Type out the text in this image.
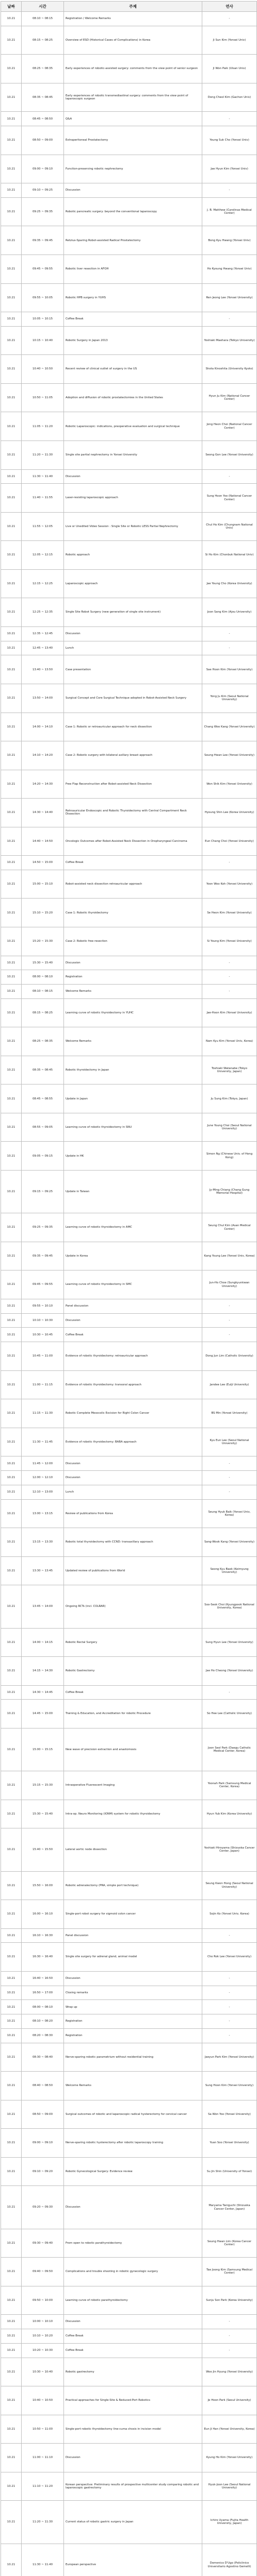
날짜	시간	주제	연사
10.21	08:10 ~ 08:15	Registration / Welcome Remarks	-
10.21	08:15 ~ 08:25	Overview of ESD (Historical Cases of Complications) in Korea	Ji Sun Kim (Yonsei Univ)
10.21	08:25 ~ 08:35	Early experiences of robotic-assisted surgery: comments from the view point of senior surgeon	Ji Won Paik (Ulsan Univ)
10.21	08:35 ~ 08:45	Early experiences of robotic transmediastinal surgery: comments from the view point of laparoscopic surgeon	Dong Cheol Kim (Gachon Univ)
10.21	08:45 ~ 08:50	Q&A	-
10.21	08:50 ~ 09:00	Extraperitoneal Prostatectomy	Young Suk Cho (Yonsei Univ)
10.21	09:00 ~ 09:10	Function-preserving robotic nephrectomy	Jae Hyun Kim (Yonsei Univ)
10.21	09:10 ~ 09:25	Discussion	-
10.21	09:25 ~ 09:35	Robotic pancreatic surgery: beyond the conventional laparoscopy	J. B. Matthew (Carolinas Medical Center)
10.21	09:35 ~ 09:45	Retzius-Sparing Robot-assisted Radical Prostatectomy	Bong Kyu Hwang (Yonsei Univ)
10.21	09:45 ~ 09:55	Robotic liver resection in AFOH	Ho Kyoung Hwang (Yonsei Univ)
10.21	09:55 ~ 10:05	Robotic HPB surgery in YUHS	Ren Jeong Lee (Yonsei University)
10.21	10:05 ~ 10:15	Coffee Break	-
10.21	10:15 ~ 10:40	Robotic Surgery in Japan 2013	Yoshiaki Maehara (Teikyo University)
10.21	10:40 ~ 10:50	Recent review of clinical outlet of surgery in the US	Shota Kinoshita (University Kyoto)
10.21	10:50 ~ 11:05	Adoption and diffusion of robotic prostatectomies in the United States	Hyun Ju Kim (National Cancer Center)
10.21	11:05 ~ 11:20	Robotic Laparoscopic: indications, preoperative evaluation and surgical technique	Jong Heon Choi (National Cancer Center)
10.21	11:20 ~ 11:30	Single site partial nephrectomy in Yonsei University	Seong Gon Lee (Yonsei University)
10.21	11:30 ~ 11:40	Discussion	-
10.21	11:40 ~ 11:55	Laser-resisting laparoscopic approach	Sung Hoon Yoo (National Cancer Center)
10.21	11:55 ~ 12:05	Live or Unedited Video Session : Single Site or Robotic LESS Partial Nephrectomy	Chul Ho Kim (Chungnam National Univ)
10.21	12:05 ~ 12:15	Robotic approach	Si Ho Kim (Chonbuk National Univ)
10.21	12:15 ~ 12:25	Laparoscopic approach	Jae Young Cho (Korea University)
10.21	12:25 ~ 12:35	Single Site Robot Surgery (new generation of single site instrument)	Joon Sang Kim (Ajou University)
10.21	12:35 ~ 12:45	Discussion	-
10.21	12:45 ~ 13:40	Lunch	-
10.21	13:40 ~ 13:50	Case presentation	Sae Hoon Kim (Yonsei University)
10.21	13:50 ~ 14:00	Surgical Concept and Core Surgical Technique adopted in Robot-Assisted Neck Surgery	Yong Ju Kim (Seoul National University)
10.21	14:00 ~ 14:10	Case 1: Robotic or retroauricular approach for neck dissection	Chang Woo Kang (Yonsei University)
10.21	14:10 ~ 14:20	Case 2: Robotic surgery with bilateral axillary breast approach	Seung Hwan Lee (Yonsei University)
10.21	14:20 ~ 14:30	Free Flap Reconstruction after Robot-assisted Neck Dissection	Won Shik Kim (Yonsei University)
10.21	14:30 ~ 14:40	Retroauricular Endoscopic and Robotic Thyroidectomy with Central Compartment Neck Dissection	Hyoung Shin Lee (Korea University)
10.21	14:40 ~ 14:50	Oncologic Outcomes after Robot-Assisted Neck Dissection in Oropharyngeal Carcinoma	Eun Chang Choi (Yonsei University)
10.21	14:50 ~ 15:00	Coffee Break	-
10.21	15:00 ~ 15:10	Robot-assisted neck dissection retroauricular approach	Yoon Woo Koh (Yonsei University)
10.21	15:10 ~ 15:20	Case 1: Robotic thyroidectomy	Se Heon Kim (Yonsei University)
10.21	15:20 ~ 15:30	Case 2: Robotic free resection	Si Young Kim (Yonsei University)
10.21	15:30 ~ 15:40	Discussion	-
10.21	08:00 ~ 08:10	Registration	-
10.21	08:10 ~ 08:15	Welcome Remarks	-
10.21	08:15 ~ 08:25	Learning curve of robotic thyroidectomy in YUHC	Jae-Hoon Kim (Yonsei University)
10.21	08:25 ~ 08:35	Welcome Remarks	Nam Kyu Kim (Yonsei Univ, Korea)
10.21	08:35 ~ 08:45	Robotic thyroidectomy in Japan	Toshiaki Watanabe (Tokyo University, Japan)
10.21	08:45 ~ 08:55	Update in Japan	Ju Sung Kim (Tokyo, Japan)
10.21	08:55 ~ 09:05	Learning curve of robotic thyroidectomy in SNU	June Young Choi (Seoul National University)
10.21	09:05 ~ 09:15	Update in HK	Simon Ng (Chinese Univ. of Hong Kong)
10.21	09:15 ~ 09:25	Update in Taiwan	Jy-Ming Chiang (Chang Gung Memorial Hospital)
10.21	09:25 ~ 09:35	Learning curve of robotic thyroidectomy in AMC	Seung Chul Kim (Asan Medical Center)
10.21	09:35 ~ 09:45	Update in Korea	Kang Young Lee (Yonsei Univ, Korea)
10.21	09:45 ~ 09:55	Learning curve of robotic thyroidectomy in SMC	Jun-Ho Choe (Sungkyunkwan University)
10.21	09:55 ~ 10:10	Panel discussion	-
10.21	10:10 ~ 10:30	Discussion	-
10.21	10:30 ~ 10:45	Coffee Break	-
10.21	10:45 ~ 11:00	Evidence of robotic thyroidectomy: retroauricular approach	Dong Jun Lim (Catholic University)
10.21	11:00 ~ 11:15	Evidence of robotic thyroidectomy: transoral approach	Jandee Lee (Eulji University)
10.21	11:15 ~ 11:30	Robotic Complete Mesocolic Excision for Right Colon Cancer	BS Min (Yonsei University)
10.21	11:30 ~ 11:45	Evidence of robotic thyroidectomy: BABA approach	Kyu Eun Lee (Seoul National University)
10.21	11:45 ~ 12:00	Discussion	-
10.21	12:00 ~ 12:10	Discussion	-
10.21	12:10 ~ 13:00	Lunch	-
10.21	13:00 ~ 13:15	Review of publications from Korea	Seung Hyuk Baik (Yonsei Univ, Korea)
10.21	13:15 ~ 13:30	Robotic total thyroidectomy with CCND: transaxillary approach	Sang-Wook Kang (Yonsei University)
10.21	13:30 ~ 13:45	Updated review of publications from World	Seong Kyu Baek (Keimyung University)
10.21	13:45 ~ 14:00	Ongoing RCTs (incl. COLRAR)	Soo-Seok Choi (Kyungpook National University, Korea)
10.21	14:00 ~ 14:15	Robotic Rectal Surgery	Sung Hyun Lee (Yonsei University)
10.21	14:15 ~ 14:30	Robotic Gastrectomy	Jae Ho Cheong (Yonsei University)
10.21	14:30 ~ 14:45	Coffee Break	-
10.21	14:45 ~ 15:00	Training & Education, and Accreditation for robotic Procedure	So Hee Lee (Catholic University)
10.21	15:00 ~ 15:15	New wave of precision extraction and anastomosis	Joon Seol Park (Daegu Catholic Medical Center, Korea)
10.21	15:15 ~ 15:30	Intraoperative Fluorescent Imaging	Yoonah Park (Samsung Medical Center, Korea)
10.21	15:30 ~ 15:40	Intra-op. Neuro Monitoring (IONM) system for robotic thyroidectomy	Hyun Yub Kim (Korea University)
10.21	15:40 ~ 15:50	Lateral aortic node dissection	Yoshiaki Hiroyama (Shizuoka Cancer Center, Japan)
10.21	15:50 ~ 16:00	Robotic adrenalectomy (PRA, simple port technique)	Seung Kwon Hong (Seoul National University)
10.21	16:00 ~ 16:10	Single-port robot surgery for sigmoid colon cancer	Sojin Ko (Yonsei Univ, Korea)
10.21	16:10 ~ 16:30	Panel discussion	-
10.21	16:30 ~ 16:40	Single site surgery for adrenal gland, animal model	Cho Rok Lee (Yonsei University)
10.21	16:40 ~ 16:50	Discussion	-
10.21	16:50 ~ 17:00	Closing remarks	-
10.21	08:00 ~ 08:10	Wrap up	-
10.21	08:10 ~ 08:20	Registration	-
10.21	08:20 ~ 08:30	Registration	-
10.21	08:30 ~ 08:40	Nerve-sparing robotic parametrium without residential training	Jaeyun Park Kim (Yonsei University)
10.21	08:40 ~ 08:50	Welcome Remarks	Sung Hoon Kim (Yonsei University)
10.21	08:50 ~ 09:00	Surgical outcomes of robotic and laparoscopic radical hysterectomy for cervical cancer	Sa Won Yoo (Yonsei University)
10.21	09:00 ~ 09:10	Nerve-sparing robotic hysterectomy after robotic laparoscopy training	Yuan Soo (Yonsei University)
10.21	09:10 ~ 09:20	Robotic Gynecological Surgery: Evidence review	Su Jin Shin (University of Yonsei)
10.21	09:20 ~ 09:30	Discussion	Maryama Taniguchi (Shizuoka Cancer Center, Japan)
10.21	09:30 ~ 09:40	From open to robotic parathyroidectomy	Seung Hwan Lim (Korea Cancer Center)
10.21	09:40 ~ 09:50	Complications and trouble shooting in robotic gynecologic surgery	Tae Joong Kim (Samsung Medical Center)
10.21	09:50 ~ 10:00	Learning curve of robotic parathyroidectomy	Sunju Son Park (Korea University)
10.21	10:00 ~ 10:10	Discussion	-
10.21	10:10 ~ 10:20	Coffee Break	-
10.21	10:20 ~ 10:30	Coffee Break	-
10.21	10:30 ~ 10:40	Robotic gastrectomy	Woo Jin Hyung (Yonsei University)
10.21	10:40 ~ 10:50	Practical approaches for Single-Site & Reduced-Port Robotics	Je Hoon Park (Seoul University)
10.21	10:50 ~ 11:00	Single-port robotic thyroidectomy line-cuma chosis in incision model	Eun Ji Han (Yonsei University, Korea)
10.21	11:00 ~ 11:10	Discussion	Kyung Ho Kim (Yonsei University)
10.21	11:10 ~ 11:20	Korean perspective: Preliminary results of prospective multicenter study comparing robotic and laparoscopic gastrectomy	Hyuk-Joon Lee (Seoul National University)
10.21	11:20 ~ 11:30	Current status of robotic gastric surgery in Japan	Ichiro Uyama (Fujita Health University, Japan)
10.21	11:30 ~ 11:40	European perspective	Domenico D'Ugo (Policlinico Universitario Agostino Gemelli)
